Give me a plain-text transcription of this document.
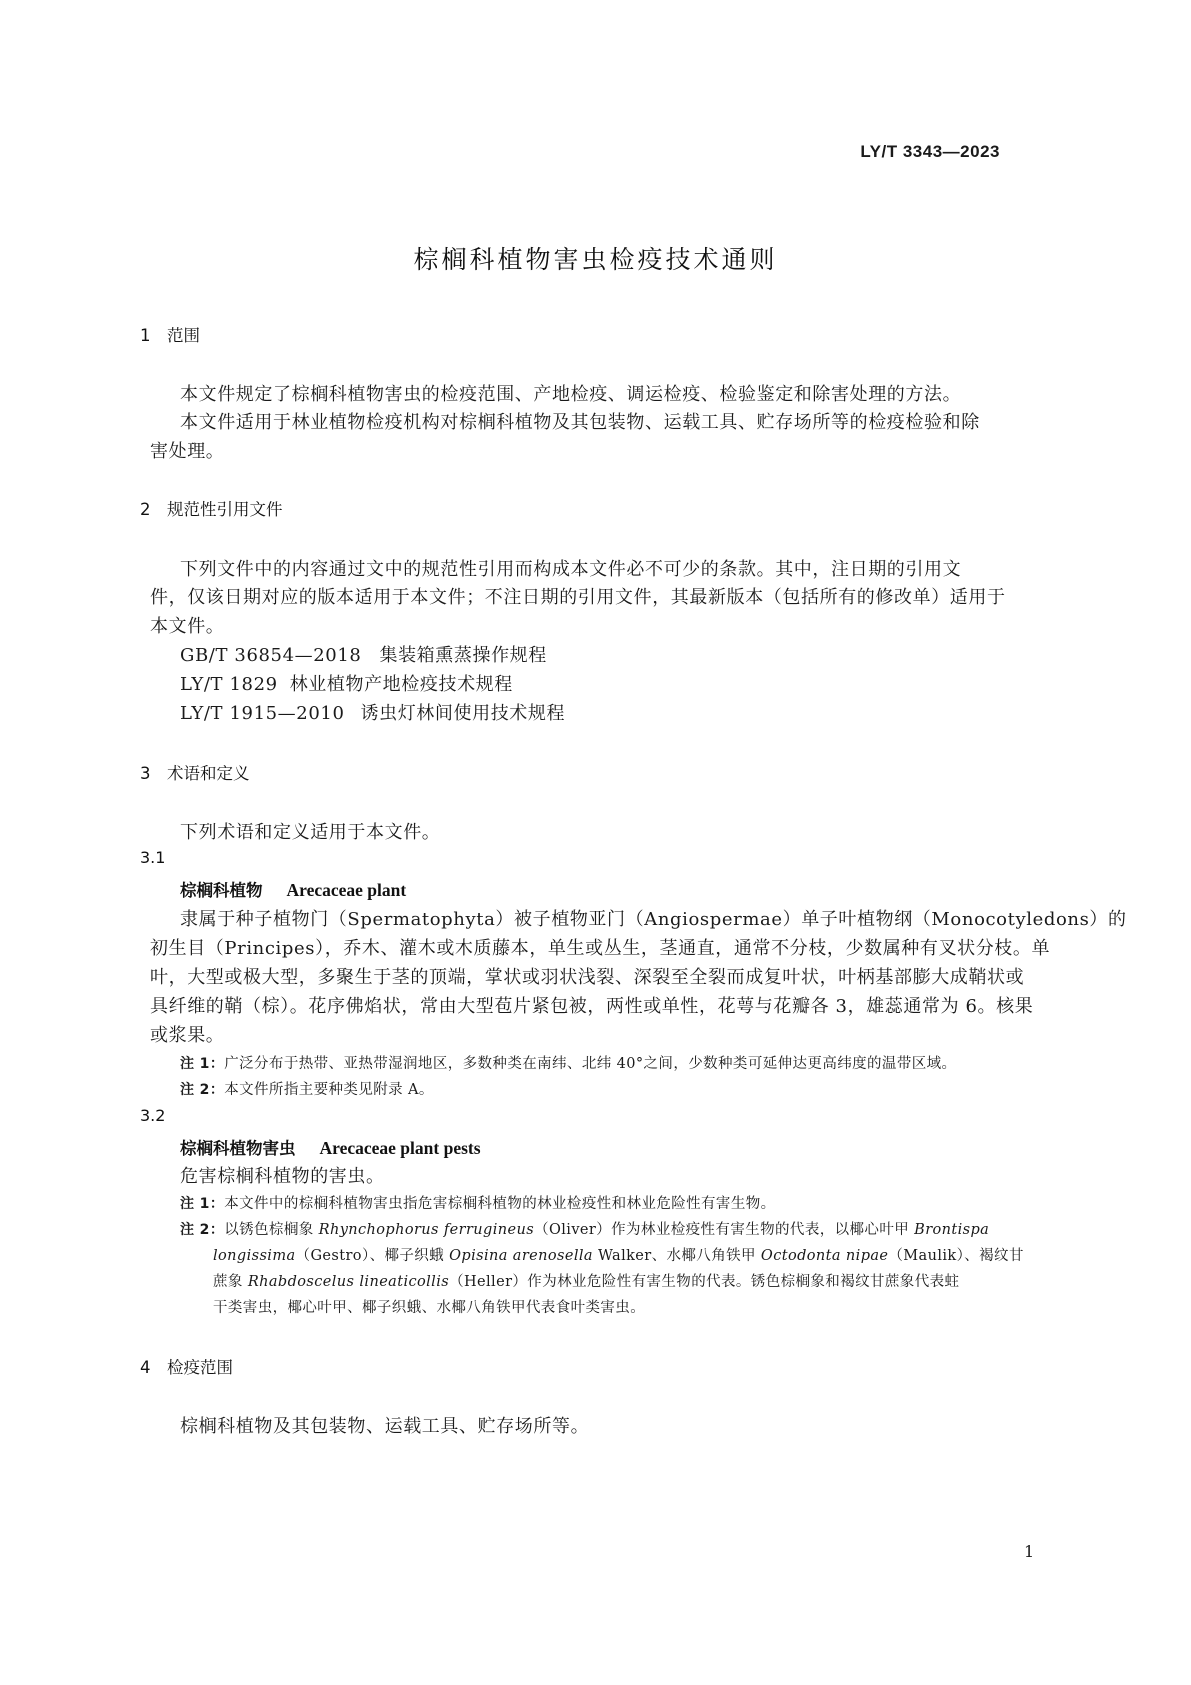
LY/T 3343—2023
棕榈科植物害虫检疫技术通则
1 范围
本文件规定了棕榈科植物害虫的检疫范围、产地检疫、调运检疫、检验鉴定和除害处理的方法。
本文件适用于林业植物检疫机构对棕榈科植物及其包装物、运载工具、贮存场所等的检疫检验和除
害处理。
2 规范性引用文件
下列文件中的内容通过文中的规范性引用而构成本文件必不可少的条款。其中，注日期的引用文
件，仅该日期对应的版本适用于本文件；不注日期的引用文件，其最新版本（包括所有的修改单）适用于
本文件。
GB/T 36854—2018 集装箱熏蒸操作规程
LY/T 1829 林业植物产地检疫技术规程
LY/T 1915—2010 诱虫灯林间使用技术规程
3 术语和定义
下列术语和定义适用于本文件。
3.1
棕榈科植物 Arecaceae plant
隶属于种子植物门（Spermatophyta）被子植物亚门（Angiospermae）单子叶植物纲（Monocotyledons）的
初生目（Principes），乔木、灌木或木质藤本，单生或丛生，茎通直，通常不分枝，少数属种有叉状分枝。单
叶，大型或极大型，多聚生于茎的顶端，掌状或羽状浅裂、深裂至全裂而成复叶状，叶柄基部膨大成鞘状或
具纤维的鞘（棕）。花序佛焰状，常由大型苞片紧包被，两性或单性，花萼与花瓣各 3，雄蕊通常为 6。核果
或浆果。
注 1：广泛分布于热带、亚热带湿润地区，多数种类在南纬、北纬 40°之间，少数种类可延伸达更高纬度的温带区域。
注 2：本文件所指主要种类见附录 A。
3.2
棕榈科植物害虫 Arecaceae plant pests
危害棕榈科植物的害虫。
注 1：本文件中的棕榈科植物害虫指危害棕榈科植物的林业检疫性和林业危险性有害生物。
注 2：以锈色棕榈象 Rhynchophorus ferrugineus（Oliver）作为林业检疫性有害生物的代表，以椰心叶甲 Brontispa
longissima（Gestro）、椰子织蛾 Opisina arenosella Walker、水椰八角铁甲 Octodonta nipae（Maulik）、褐纹甘
蔗象 Rhabdoscelus lineaticollis（Heller）作为林业危险性有害生物的代表。锈色棕榈象和褐纹甘蔗象代表蛀
干类害虫，椰心叶甲、椰子织蛾、水椰八角铁甲代表食叶类害虫。
4 检疫范围
棕榈科植物及其包装物、运载工具、贮存场所等。
1
